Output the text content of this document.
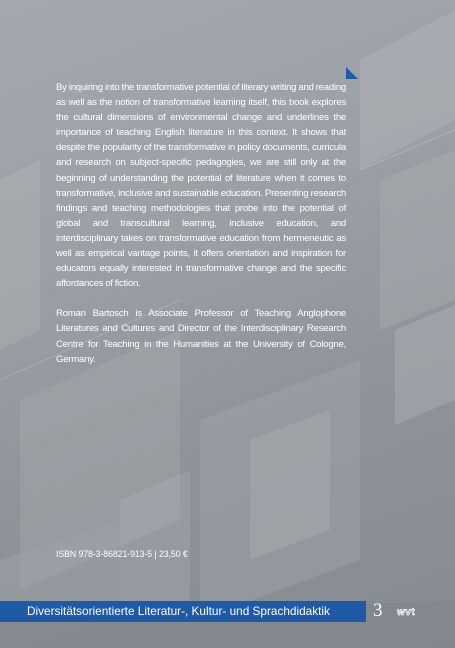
By inquiring into the transformative potential of literary writing and reading as well as the notion of transformative learning itself, this book explores the cultural dimensions of environmental change and underlines the importance of teaching English literature in this context. It shows that despite the popularity of the transformative in policy documents, curricula and research on subject-specific pedagogies, we are still only at the beginning of understanding the potential of literature when it comes to transformative, inclusive and sustainable education. Presenting research findings and teaching methodologies that probe into the potential of global and transcultural learning, inclusive education, and interdisciplinary takes on transformative education from hermeneutic as well as empirical vantage points, it offers orientation and inspiration for educators equally interested in transformative change and the specific affordances of fiction.

Roman Bartosch is Associate Professor of Teaching Anglophone Literatures and Cultures and Director of the Interdisciplinary Research Centre for Teaching in the Humanities at the University of Cologne, Germany.

ISBN 978-3-86821-913-5 | 23,50 €
Diversitätsorientierte Literatur-, Kultur- und Sprachdidaktik 3 wvt
